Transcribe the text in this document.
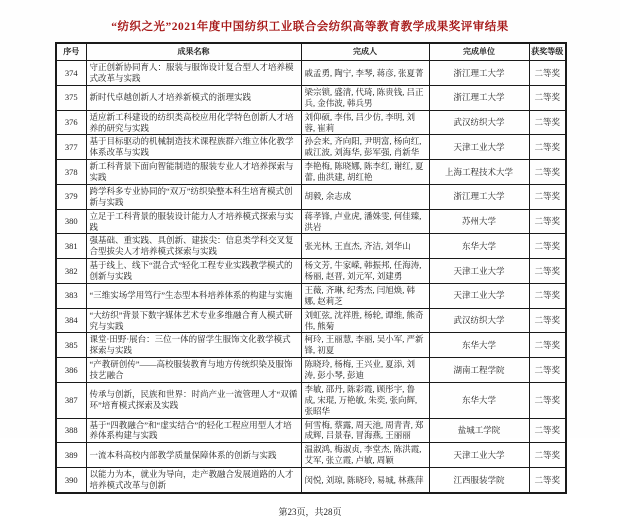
“纺织之光”2021年度中国纺织工业联合会纺织高等教育教学成果奖评审结果
序号	成果名称	完成人	完成单位	获奖等级
374	守正创新协同育人：服装与服饰设计复合型人才培养模式改革与实践	戚孟勇, 陶宁, 李琴, 蒋彦, 张夏菁	浙江理工大学	二等奖
375	新时代卓越创新人才培养新模式的浙理实践	梁宗锁, 盛清, 代琦, 陈贵钱, 吕正兵, 金伟波, 韩兵男	浙江理工大学	二等奖
376	适应新工科建设的纺织类高校应用化学特色创新人才培养的研究与实践	刘仰硕, 李伟, 吕少仿, 李明, 刘蓉, 崔莉	武汉纺织大学	二等奖
377	基于目标驱动的机械制造技术课程族群六维立体化教学体系改革与实践	孙会来, 齐向阳, 尹明富, 杨向红, 戚江波, 刘海华, 彭军强, 肖新华	天津工业大学	二等奖
378	新工科背景下面向智能制造的服装专业人才培养探索与实践	李艳梅, 陈晓娜, 陈李红, 谢红, 夏蕾, 曲洪建, 胡红艳	上海工程技术大学	二等奖
379	跨学科多专业协同的“双万”纺织染整本科生培育模式创新与实践	胡毅, 余志成	浙江理工大学	二等奖
380	立足于工科背景的服装设计能力人才培养模式探索与实践	蒋孝锋, 卢业虎, 潘姝雯, 何佳臻, 洪岩	苏州大学	二等奖
381	强基础、重实践、具创新、建拔尖：信息类学科交叉复合型拔尖人才培养模式探索与实践	张光林, 王直杰, 齐洁, 刘华山	东华大学	二等奖
382	基于线上、线下“混合式”轻化工程专业实践教学模式的创新与实践	杨文芳, 牛家嵘, 韩振邦, 任海涛, 杨丽, 赵晋, 刘元军, 刘建勇	天津工业大学	二等奖
383	“三维实场学用笃行”生态型本科培养体系的构建与实施	王薇, 齐琳, 纪秀杰, 闫旭焕, 韩娜, 赵莉芝	天津工业大学	二等奖
384	“大纺织”背景下数字媒体艺术专业多维融合育人模式研究与实践	刘虹弦, 沈祥胜, 杨轮, 谭维, 熊奇伟, 熊菊	武汉纺织大学	二等奖
385	课堂·田野·展台：三位一体的留学生服饰文化教学模式探索与实践	柯玲, 王丽慧, 李丽, 吴小军, 严新锋, 初夏	东华大学	二等奖
386	“产教研创传”——高校服装教育与地方传统织染及服饰技艺融合	陈晓玲, 杨梅, 王兴业, 夏添, 刘涛, 彭小琴, 彭迪	湖南工程学院	二等奖
387	传承与创新，民族和世界：时尚产业一流管理人才“双循环”培育模式探索及实践	李敏, 邵丹, 陈彩霞, 顾彤宇, 鲁成, 宋琨, 万艳敏, 朱奕, 张向辉, 张昭华	东华大学	二等奖
388	基于“四教融合”和“虚实结合”的轻化工程应用型人才培养体系构建与实践	何雪梅, 蔡露, 周天池, 周青青, 郑成辉, 吕景春, 冒海燕, 王丽丽	盐城工学院	二等奖
389	一流本科高校内部教学质量保障体系的创新与实践	温淑鸿, 梅淑贞, 李堂杰, 陈洪霞, 艾军, 张立霞, 卢敏, 周颖	天津工业大学	二等奖
390	以能力为本，就业为导向，走产教融合发展道路的人才培养模式改革与创新	闵悦, 刘琼, 陈晓玲, 易城, 林燕萍	江西服装学院	二等奖
第23页，共28页
